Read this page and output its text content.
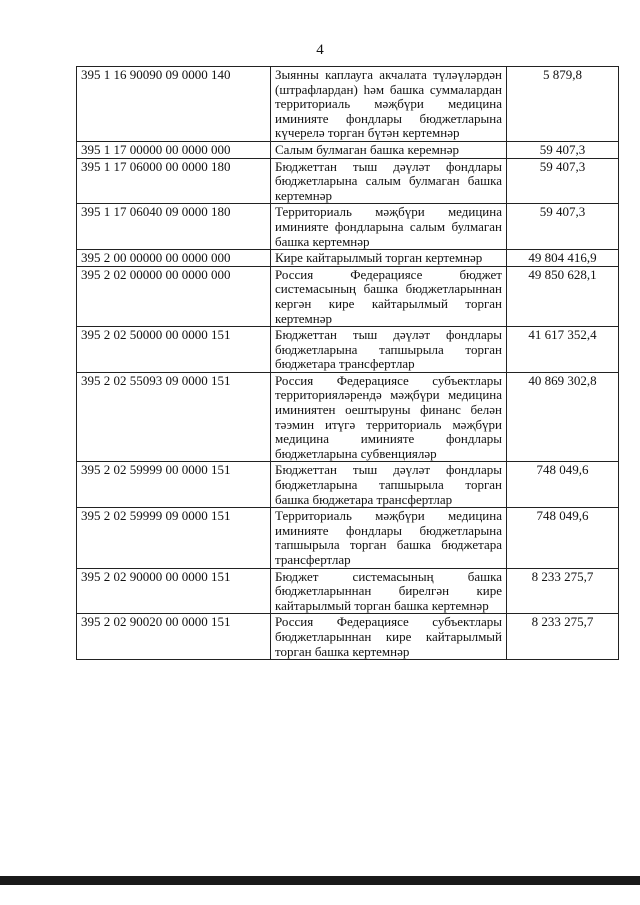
4
395 1 16 90090 09 0000 140	Зыянны каплауга акчалата түләүләрдән (штрафлардан) һәм башка суммалардан территориаль мәҗбүри медицина иминияте фондлары бюджетларына күчерелә торган бүтән кертемнәр	5 879,8
395 1 17 00000 00 0000 000	Салым булмаган башка керемнәр	59 407,3
395 1 17 06000 00 0000 180	Бюджеттан тыш дәүләт фондлары бюджетларына салым булмаган башка кертемнәр	59 407,3
395 1 17 06040 09 0000 180	Территориаль мәҗбүри медицина иминияте фондларына салым булмаган башка кертемнәр	59 407,3
395 2 00 00000 00 0000 000	Кире кайтарылмый торган кертемнәр	49 804 416,9
395 2 02 00000 00 0000 000	Россия Федерациясе бюджет системасының башка бюджетларыннан кергән кире кайтарылмый торган кертемнәр	49 850 628,1
395 2 02 50000 00 0000 151	Бюджеттан тыш дәүләт фондлары бюджетларына тапшырыла торган бюджетара трансфертлар	41 617 352,4
395 2 02 55093 09 0000 151	Россия Федерациясе субъектлары территорияләрендә мәҗбүри медицина иминиятен оештыруны финанс белән тәэмин итүгә территориаль мәҗбүри медицина иминияте фондлары бюджетларына субвенцияләр	40 869 302,8
395 2 02 59999 00 0000 151	Бюджеттан тыш дәүләт фондлары бюджетларына тапшырыла торган башка бюджетара трансфертлар	748 049,6
395 2 02 59999 09 0000 151	Территориаль мәҗбүри медицина иминияте фондлары бюджетларына тапшырыла торган башка бюджетара трансфертлар	748 049,6
395 2 02 90000 00 0000 151	Бюджет системасының башка бюджетларыннан бирелгән кире кайтарылмый торган башка кертемнәр	8 233 275,7
395 2 02 90020 00 0000 151	Россия Федерациясе субъектлары бюджетларыннан кире кайтарылмый торган башка кертемнәр	8 233 275,7
